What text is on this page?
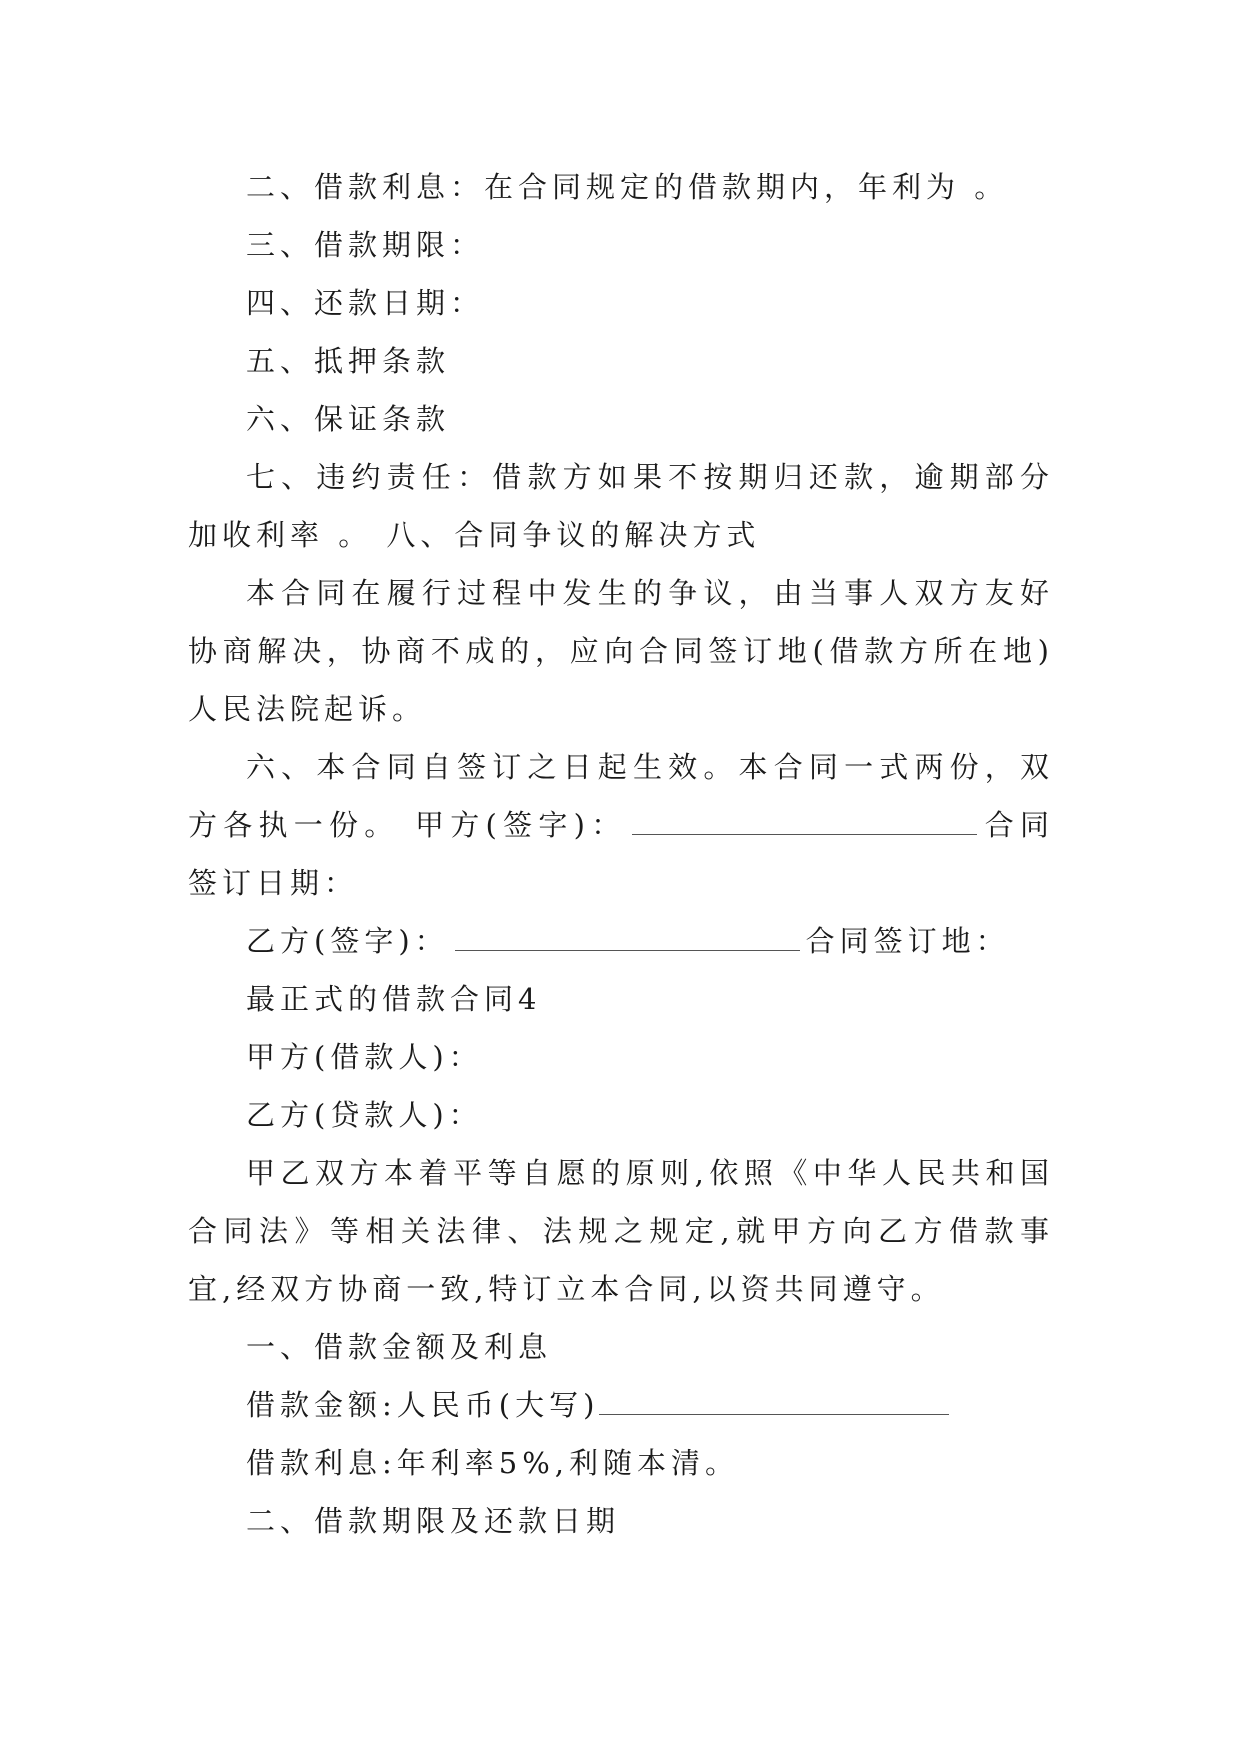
二、借款利息：在合同规定的借款期内，年利为 。

三、借款期限：

四、还款日期：

五、抵押条款

六、保证条款

七、违约责任：借款方如果不按期归还款，逾期部分加收利率 。 八、合同争议的解决方式

本合同在履行过程中发生的争议，由当事人双方友好协商解决，协商不成的，应向合同签订地(借款方所在地)人民法院起诉。

六、本合同自签订之日起生效。本合同一式两份，双方各执一份。 甲方(签字)：	合同签订日期：

乙方(签字)：	合同签订地：

最正式的借款合同4

甲方(借款人)：

乙方(贷款人)：

甲乙双方本着平等自愿的原则,依照《中华人民共和国合同法》等相关法律、法规之规定,就甲方向乙方借款事宜,经双方协商一致,特订立本合同,以资共同遵守。

一、借款金额及利息

借款金额:人民币(大写)

借款利息:年利率5%,利随本清。

二、借款期限及还款日期
